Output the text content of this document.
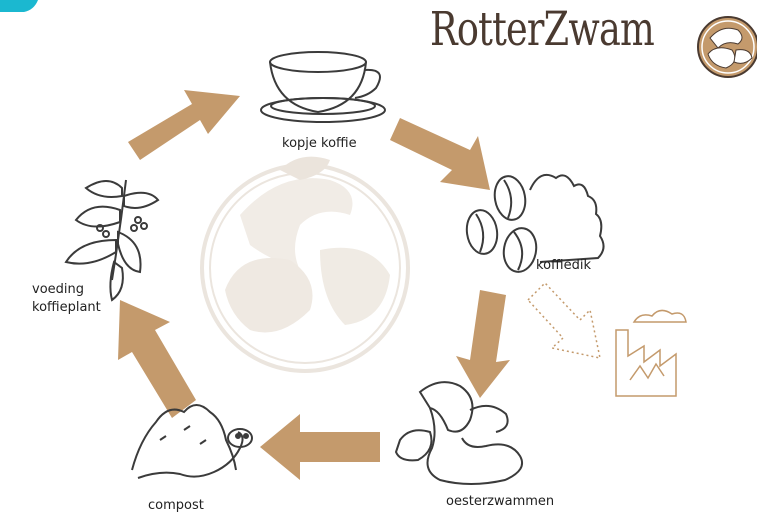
RotterZwam
kopje koffie
koffiedik
oesterzwammen
compost
voeding
koffieplant
